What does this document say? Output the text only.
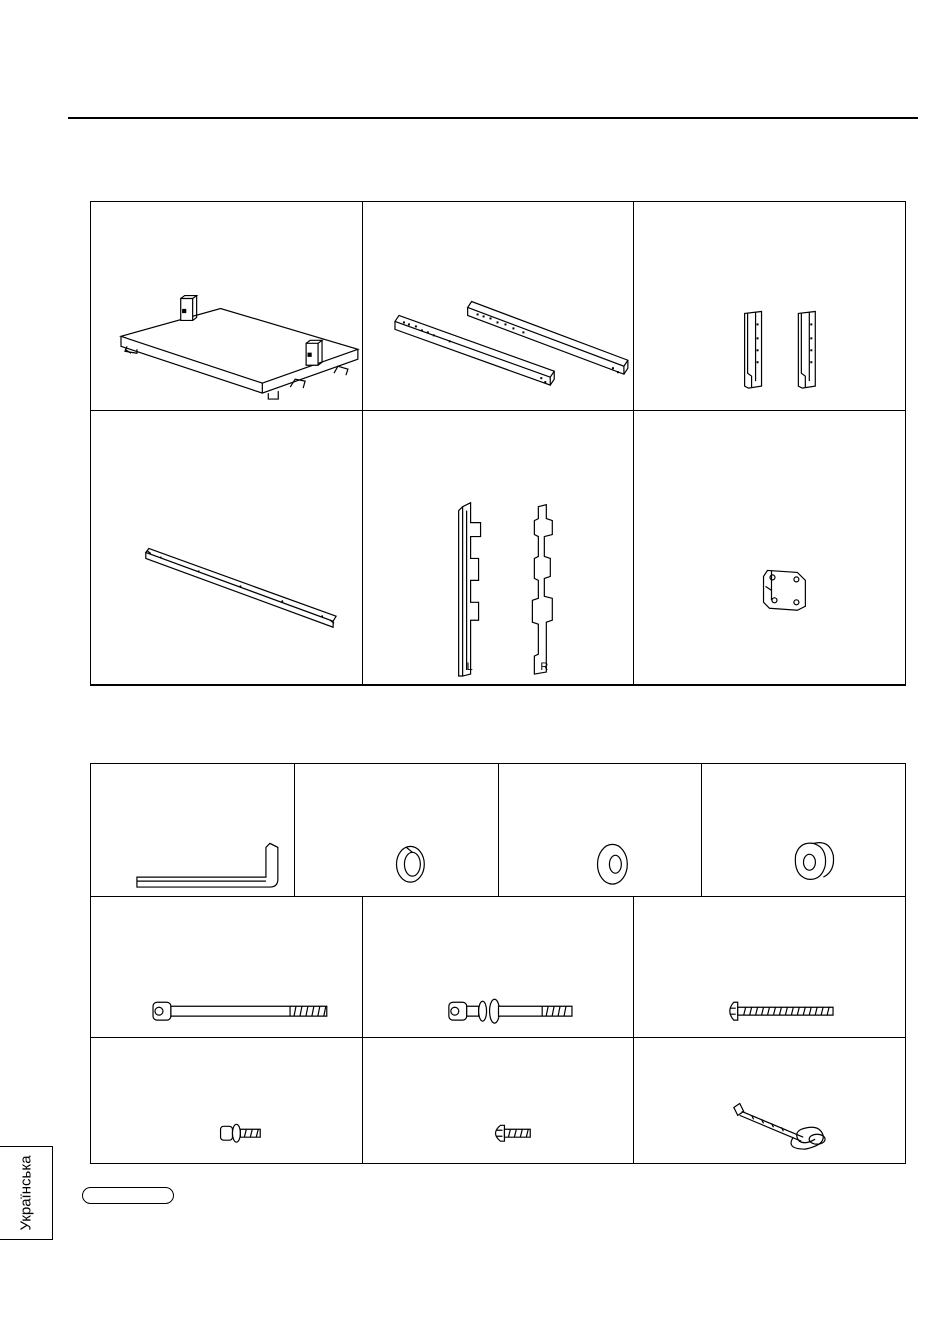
L	R
Українська
